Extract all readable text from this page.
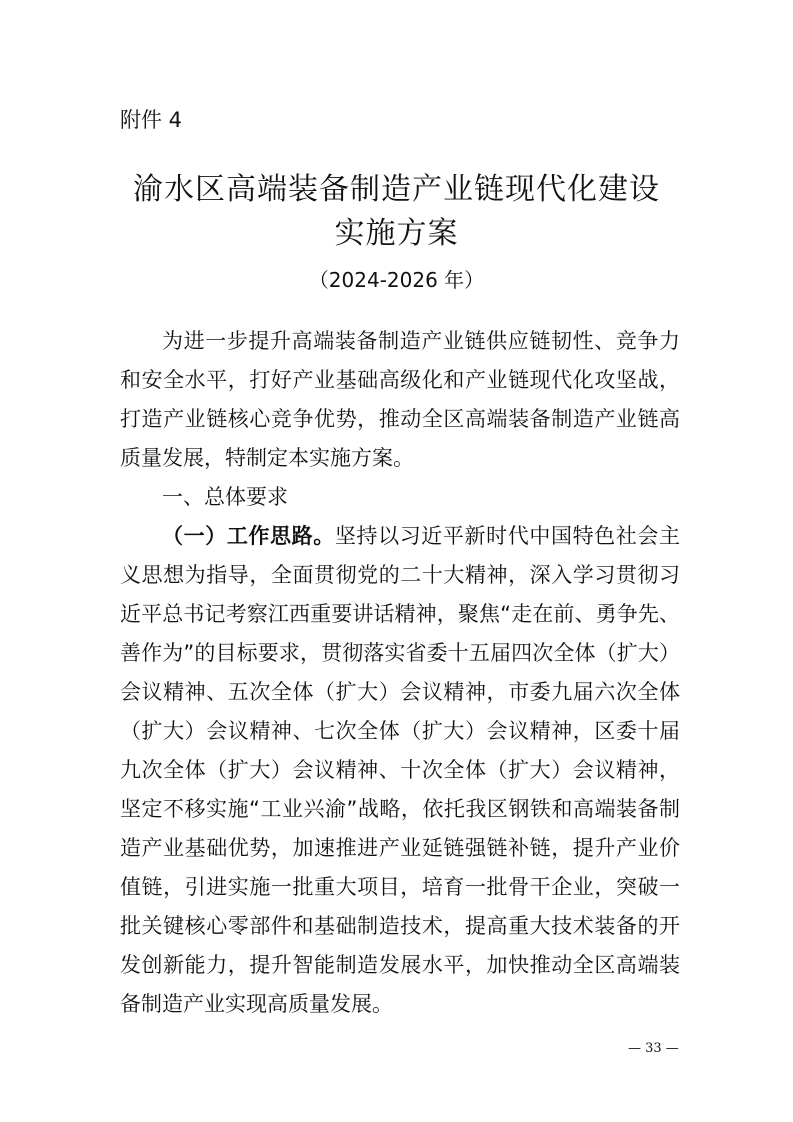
附件 4
渝水区高端装备制造产业链现代化建设
实施方案
（2024-2026 年）

为进一步提升高端装备制造产业链供应链韧性、竞争力和安全水平，打好产业基础高级化和产业链现代化攻坚战，打造产业链核心竞争优势，推动全区高端装备制造产业链高质量发展，特制定本实施方案。

一、总体要求

（一）工作思路。坚持以习近平新时代中国特色社会主义思想为指导，全面贯彻党的二十大精神，深入学习贯彻习近平总书记考察江西重要讲话精神，聚焦“走在前、勇争先、善作为”的目标要求，贯彻落实省委十五届四次全体（扩大）会议精神、五次全体（扩大）会议精神，市委九届六次全体（扩大）会议精神、七次全体（扩大）会议精神，区委十届九次全体（扩大）会议精神、十次全体（扩大）会议精神，坚定不移实施“工业兴渝”战略，依托我区钢铁和高端装备制造产业基础优势，加速推进产业延链强链补链，提升产业价值链，引进实施一批重大项目，培育一批骨干企业，突破一批关键核心零部件和基础制造技术，提高重大技术装备的开发创新能力，提升智能制造发展水平，加快推动全区高端装备制造产业实现高质量发展。

— 33 —
